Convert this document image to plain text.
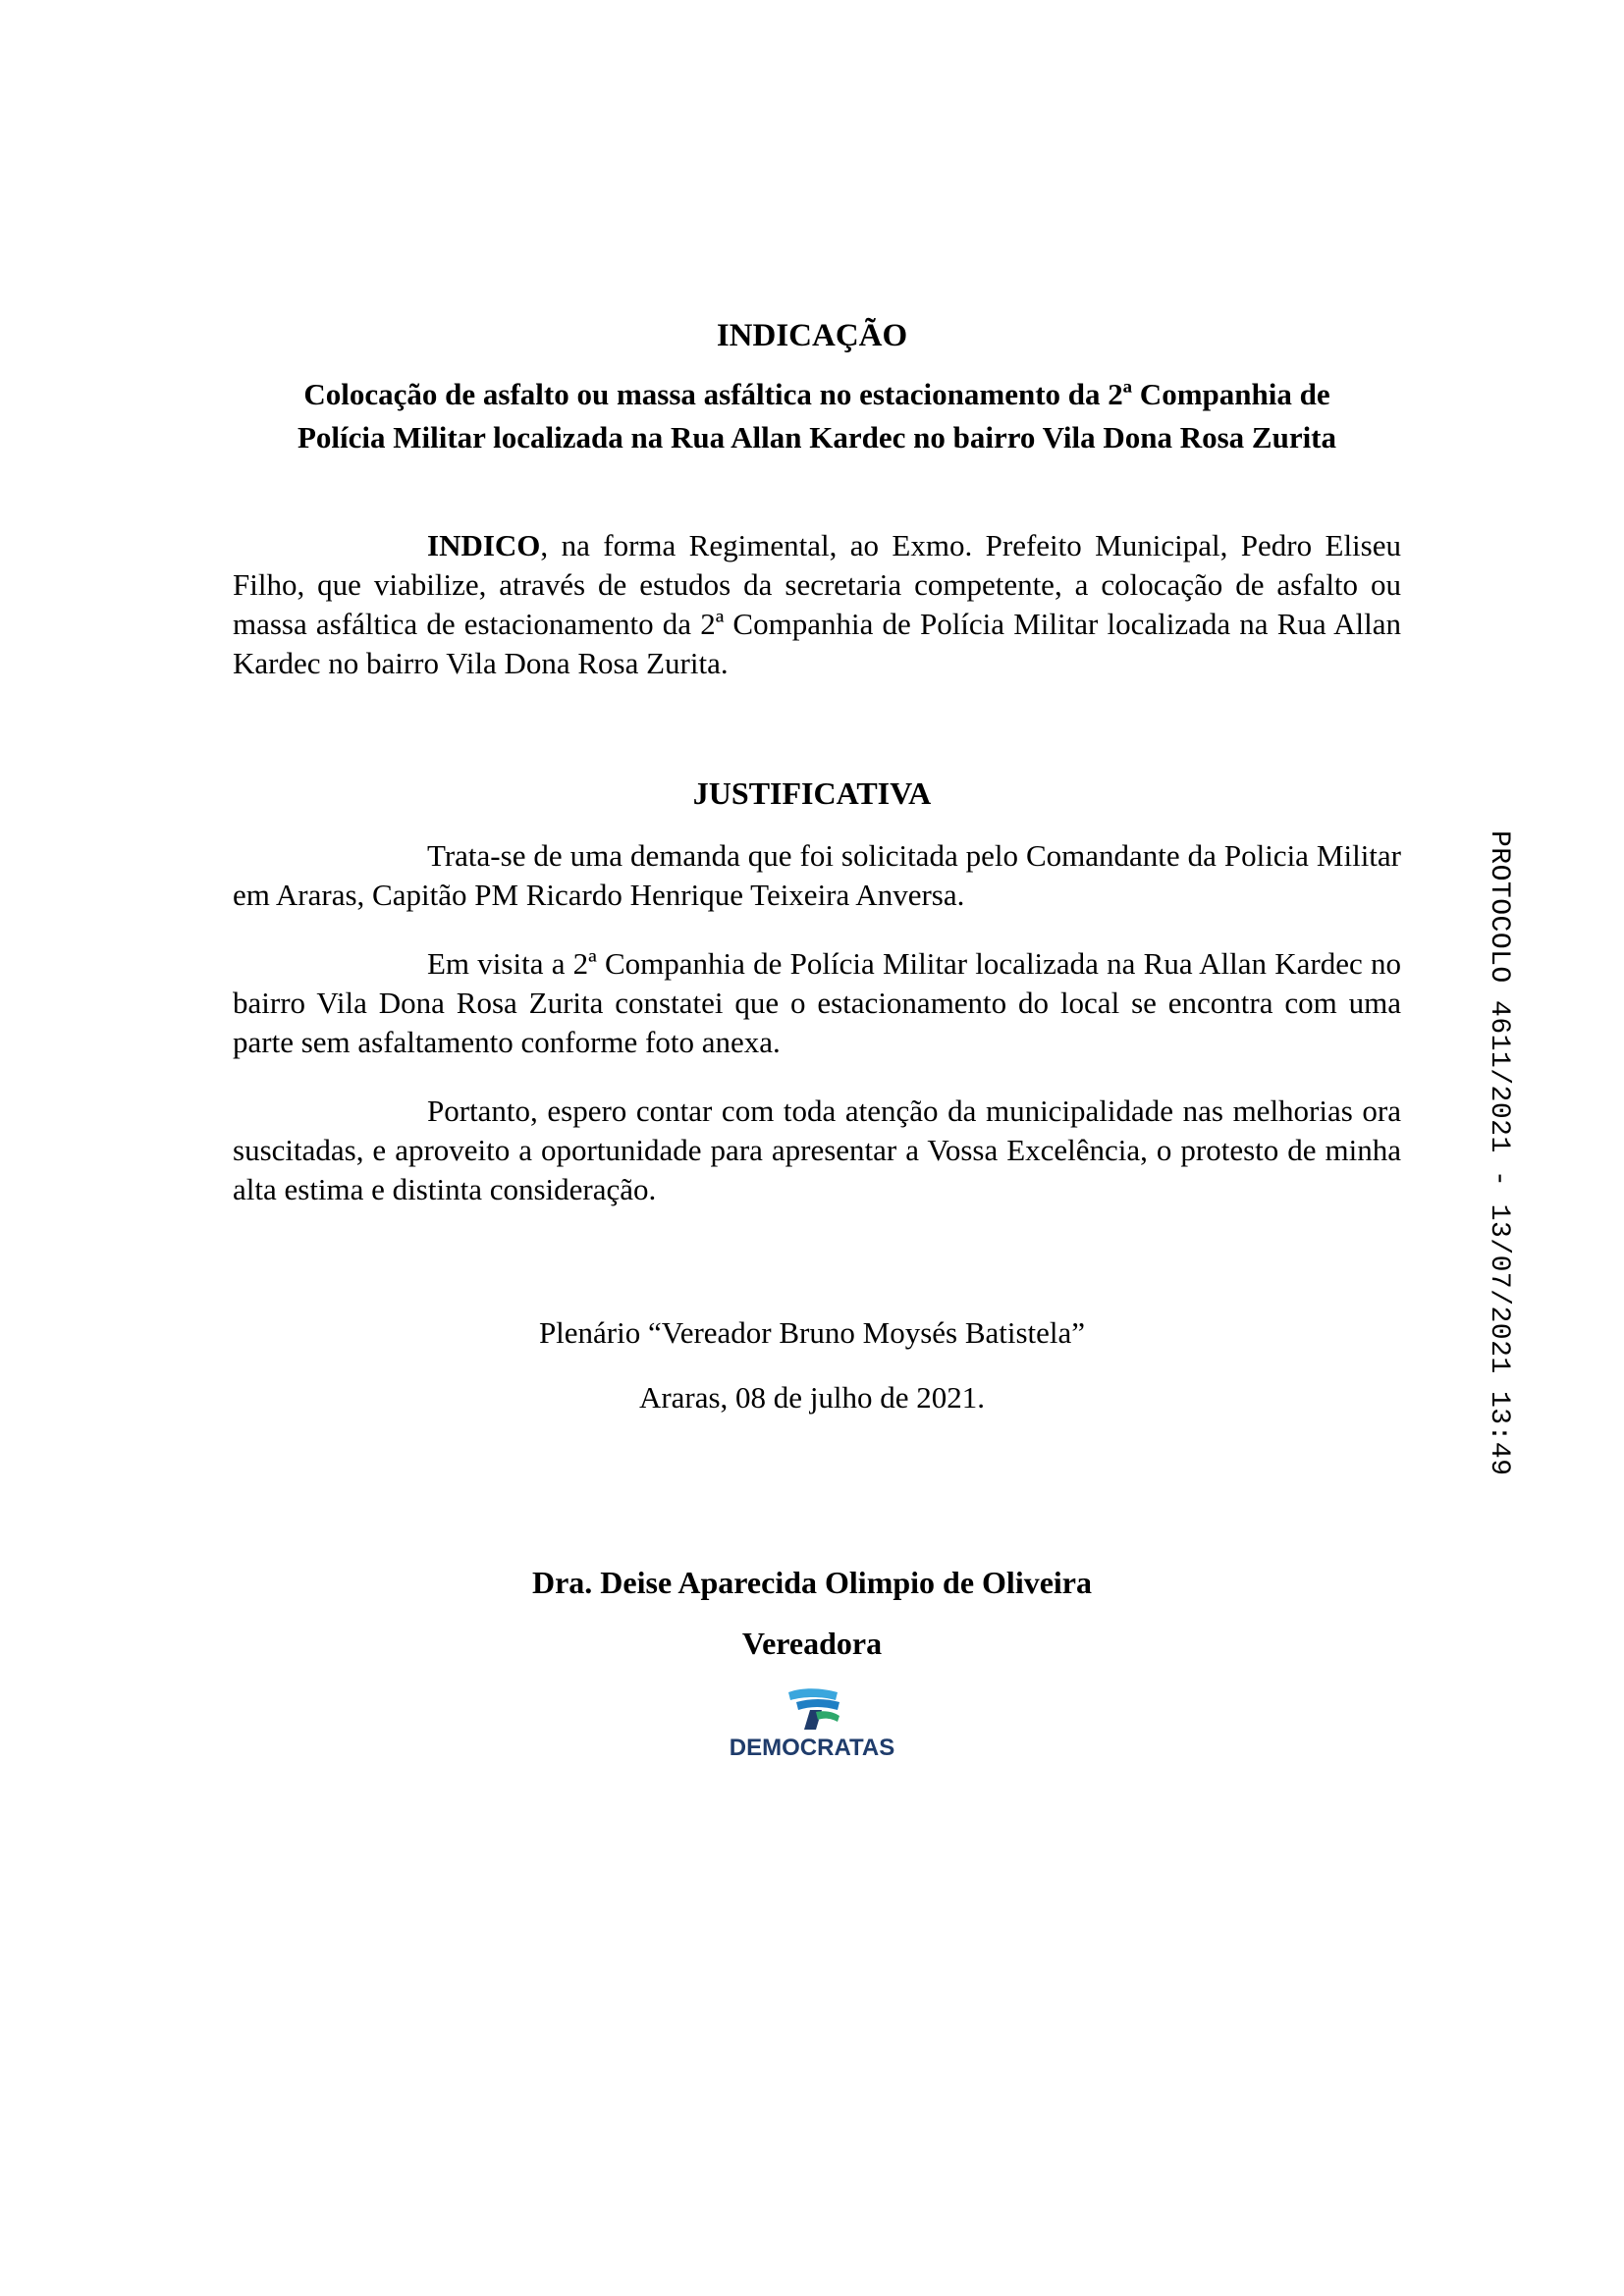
INDICAÇÃO
Colocação de asfalto ou massa asfáltica no estacionamento da 2ª Companhia de
Polícia Militar localizada na Rua Allan Kardec no bairro Vila Dona Rosa Zurita

INDICO, na forma Regimental, ao Exmo. Prefeito Municipal, Pedro Eliseu Filho, que viabilize, através de estudos da secretaria competente, a colocação de asfalto ou massa asfáltica de estacionamento da 2ª Companhia de Polícia Militar localizada na Rua Allan Kardec no bairro Vila Dona Rosa Zurita.

JUSTIFICATIVA

Trata-se de uma demanda que foi solicitada pelo Comandante da Policia Militar em Araras, Capitão PM Ricardo Henrique Teixeira Anversa.

Em visita a 2ª Companhia de Polícia Militar localizada na Rua Allan Kardec no bairro Vila Dona Rosa Zurita constatei que o estacionamento do local se encontra com uma parte sem asfaltamento conforme foto anexa.

Portanto, espero contar com toda atenção da municipalidade nas melhorias ora suscitadas, e aproveito a oportunidade para apresentar a Vossa Excelência, o protesto de minha alta estima e distinta consideração.

Plenário “Vereador Bruno Moysés Batistela”
Araras, 08 de julho de 2021.
Dra. Deise Aparecida Olimpio de Oliveira
Vereadora
DEMOCRATAS
PROTOCOLO 4611/2021 - 13/07/2021 13:49
